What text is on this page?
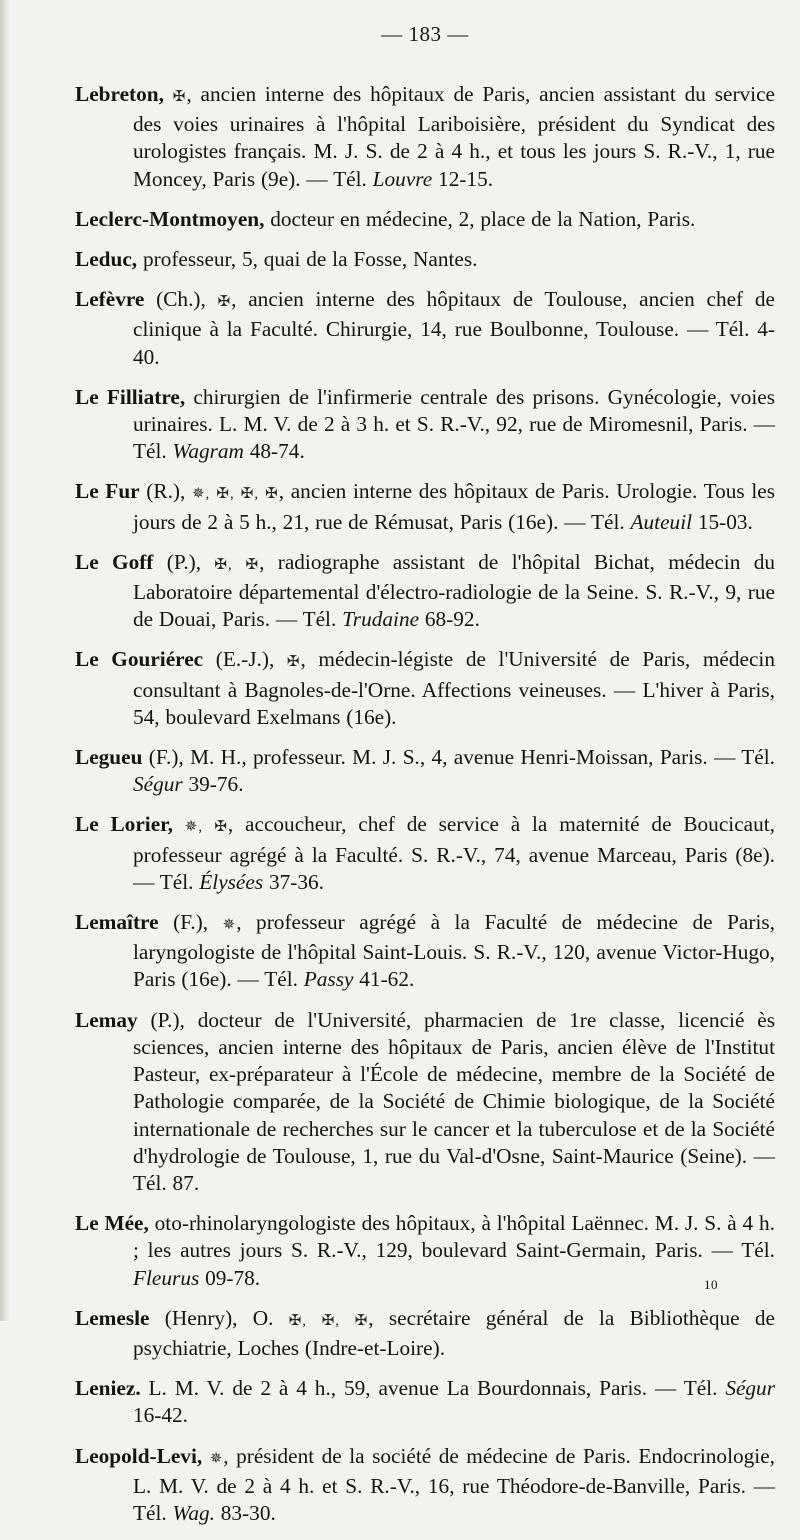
— 183 —

Lebreton, ✠, ancien interne des hôpitaux de Paris, ancien assistant du service des voies urinaires à l'hôpital Lariboisière, président du Syndicat des urologistes français. M. J. S. de 2 à 4 h., et tous les jours S. R.-V., 1, rue Moncey, Paris (9e). — Tél. Louvre 12-15.

Leclerc-Montmoyen, docteur en médecine, 2, place de la Nation, Paris.

Leduc, professeur, 5, quai de la Fosse, Nantes.

Lefèvre (Ch.), ✠, ancien interne des hôpitaux de Toulouse, ancien chef de clinique à la Faculté. Chirurgie, 14, rue Boulbonne, Toulouse. — Tél. 4-40.

Le Filliatre, chirurgien de l'infirmerie centrale des prisons. Gynécologie, voies urinaires. L. M. V. de 2 à 3 h. et S. R.-V., 92, rue de Miromesnil, Paris. — Tél. Wagram 48-74.

Le Fur (R.), ✵, ✠, ✠, ✠, ancien interne des hôpitaux de Paris. Urologie. Tous les jours de 2 à 5 h., 21, rue de Rémusat, Paris (16e). — Tél. Auteuil 15-03.

Le Goff (P.), ✠, ✠, radiographe assistant de l'hôpital Bichat, médecin du Laboratoire départemental d'électro-radiologie de la Seine. S. R.-V., 9, rue de Douai, Paris. — Tél. Trudaine 68-92.

Le Gouriérec (E.-J.), ✠, médecin-légiste de l'Université de Paris, médecin consultant à Bagnoles-de-l'Orne. Affections veineuses. — L'hiver à Paris, 54, boulevard Exelmans (16e).

Legueu (F.), M. H., professeur. M. J. S., 4, avenue Henri-Moissan, Paris. — Tél. Ségur 39-76.

Le Lorier, ✵, ✠, accoucheur, chef de service à la maternité de Boucicaut, professeur agrégé à la Faculté. S. R.-V., 74, avenue Marceau, Paris (8e). — Tél. Élysées 37-36.

Lemaître (F.), ✵, professeur agrégé à la Faculté de médecine de Paris, laryngologiste de l'hôpital Saint-Louis. S. R.-V., 120, avenue Victor-Hugo, Paris (16e). — Tél. Passy 41-62.

Lemay (P.), docteur de l'Université, pharmacien de 1re classe, licencié ès sciences, ancien interne des hôpitaux de Paris, ancien élève de l'Institut Pasteur, ex-préparateur à l'École de médecine, membre de la Société de Pathologie comparée, de la Société de Chimie biologique, de la Société internationale de recherches sur le cancer et la tuberculose et de la Société d'hydrologie de Toulouse, 1, rue du Val-d'Osne, Saint-Maurice (Seine). — Tél. 87.

Le Mée, oto-rhinolaryngologiste des hôpitaux, à l'hôpital Laënnec. M. J. S. à 4 h. ; les autres jours S. R.-V., 129, boulevard Saint-Germain, Paris. — Tél. Fleurus 09-78.

Lemesle (Henry), O. ✠, ✠, ✠, secrétaire général de la Bibliothèque de psychiatrie, Loches (Indre-et-Loire).

Leniez. L. M. V. de 2 à 4 h., 59, avenue La Bourdonnais, Paris. — Tél. Ségur 16-42.

Leopold-Levi, ✵, président de la société de médecine de Paris. Endocrinologie, L. M. V. de 2 à 4 h. et S. R.-V., 16, rue Théodore-de-Banville, Paris. — Tél. Wag. 83-30.

10
